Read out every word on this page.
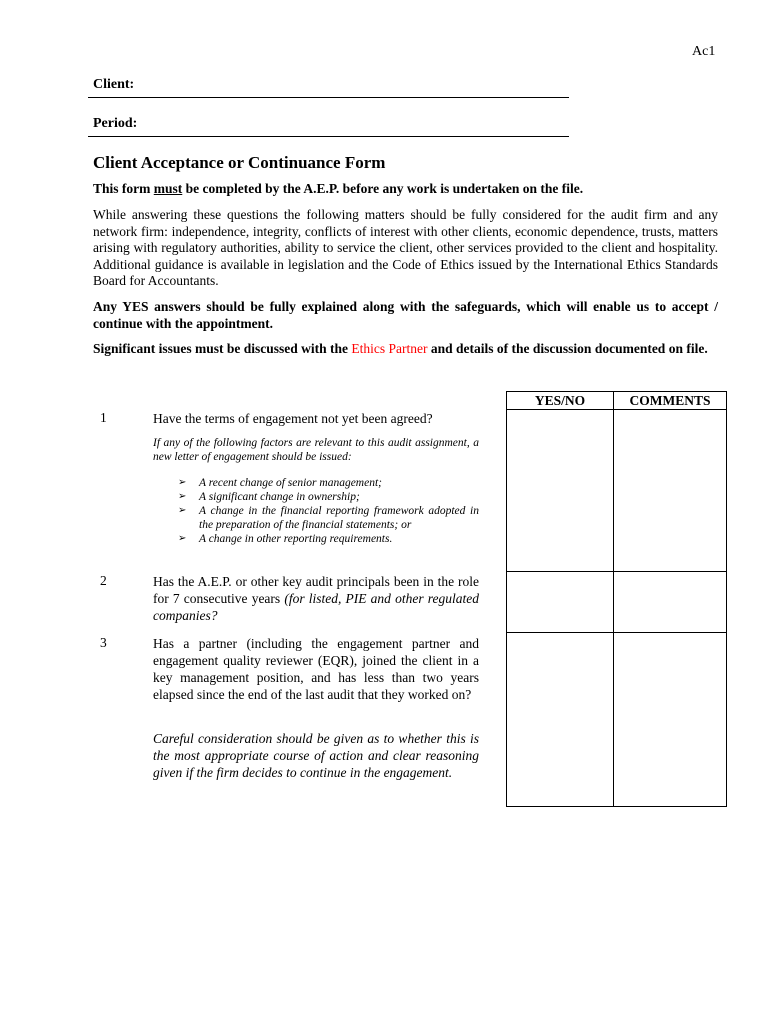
Ac1
Client:
Period:
Client Acceptance or Continuance Form
This form must be completed by the A.E.P. before any work is undertaken on the file.
While answering these questions the following matters should be fully considered for the audit firm and any network firm: independence, integrity, conflicts of interest with other clients, economic dependence, trusts, matters arising with regulatory authorities, ability to service the client, other services provided to the client and hospitality. Additional guidance is available in legislation and the Code of Ethics issued by the International Ethics Standards Board for Accountants.
Any YES answers should be fully explained along with the safeguards, which will enable us to accept / continue with the appointment.
Significant issues must be discussed with the Ethics Partner and details of the discussion documented on file.
1	Have the terms of engagement not yet been agreed?
If any of the following factors are relevant to this audit assignment, a new letter of engagement should be issued:
➢ A recent change of senior management;
➢ A significant change in ownership;
➢ A change in the financial reporting framework adopted in the preparation of the financial statements; or
➢ A change in other reporting requirements.
2	Has the A.E.P. or other key audit principals been in the role for 7 consecutive years (for listed, PIE and other regulated companies?
3	Has a partner (including the engagement partner and engagement quality reviewer (EQR), joined the client in a key management position, and has less than two years elapsed since the end of the last audit that they worked on?
Careful consideration should be given as to whether this is the most appropriate course of action and clear reasoning given if the firm decides to continue in the engagement.
YES/NO	COMMENTS
